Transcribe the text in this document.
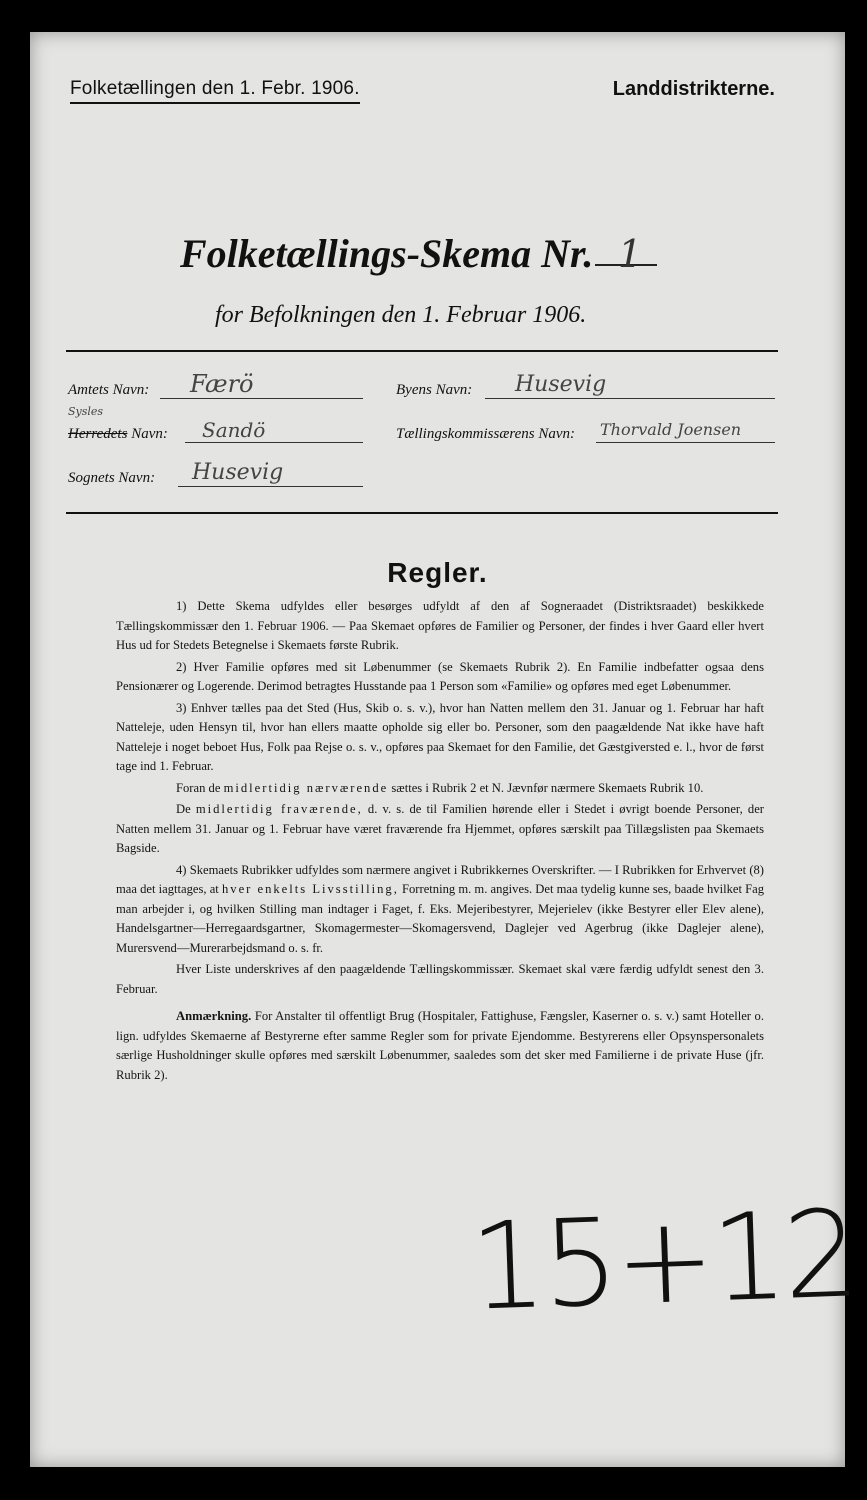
Folketællingen den 1. Febr. 1906.	Landdistrikterne.
Folketællings-Skema Nr. 1
for Befolkningen den 1. Februar 1906.
Amtets Navn: Færö
Sysles
Herredets Navn: Sandö
Sognets Navn: Husevig
Byens Navn: Husevig
Tællingskommissærens Navn: Thorvald Joensen
Regler.

1) Dette Skema udfyldes eller besørges udfyldt af den af Sogneraadet (Distriktsraadet) beskikkede Tællingskommissær den 1. Februar 1906. — Paa Skemaet opføres de Familier og Personer, der findes i hver Gaard eller hvert Hus ud for Stedets Betegnelse i Skemaets første Rubrik.

2) Hver Familie opføres med sit Løbenummer (se Skemaets Rubrik 2). En Familie indbefatter ogsaa dens Pensionærer og Logerende. Derimod betragtes Husstande paa 1 Person som «Familie» og opføres med eget Løbenummer.

3) Enhver tælles paa det Sted (Hus, Skib o. s. v.), hvor han Natten mellem den 31. Januar og 1. Februar har haft Natteleje, uden Hensyn til, hvor han ellers maatte opholde sig eller bo. Personer, som den paagældende Nat ikke have haft Natteleje i noget beboet Hus, Folk paa Rejse o. s. v., opføres paa Skemaet for den Familie, det Gæstgiversted e. l., hvor de først tage ind 1. Februar.

Foran de midlertidig nærværende sættes i Rubrik 2 et N. Jævnfør nærmere Skemaets Rubrik 10.

De midlertidig fraværende, d. v. s. de til Familien hørende eller i Stedet i øvrigt boende Personer, der Natten mellem 31. Januar og 1. Februar have været fraværende fra Hjemmet, opføres særskilt paa Tillægslisten paa Skemaets Bagside.

4) Skemaets Rubrikker udfyldes som nærmere angivet i Rubrikkernes Overskrifter. — I Rubrikken for Erhvervet (8) maa det iagttages, at hver enkelts Livsstilling, Forretning m. m. angives. Det maa tydelig kunne ses, baade hvilket Fag man arbejder i, og hvilken Stilling man indtager i Faget, f. Eks. Mejeribestyrer, Mejerielev (ikke Bestyrer eller Elev alene), Handelsgartner—Herregaardsgartner, Skomagermester—Skomagersvend, Daglejer ved Agerbrug (ikke Daglejer alene), Murersvend—Murerarbejdsmand o. s. fr.

Hver Liste underskrives af den paagældende Tællingskommissær. Skemaet skal være færdig udfyldt senest den 3. Februar.

Anmærkning. For Anstalter til offentligt Brug (Hospitaler, Fattighuse, Fængsler, Kaserner o. s. v.) samt Hoteller o. lign. udfyldes Skemaerne af Bestyrerne efter samme Regler som for private Ejendomme. Bestyrerens eller Opsynspersonalets særlige Husholdninger skulle opføres med særskilt Løbenummer, saaledes som det sker med Familierne i de private Huse (jfr. Rubrik 2).

15+12
